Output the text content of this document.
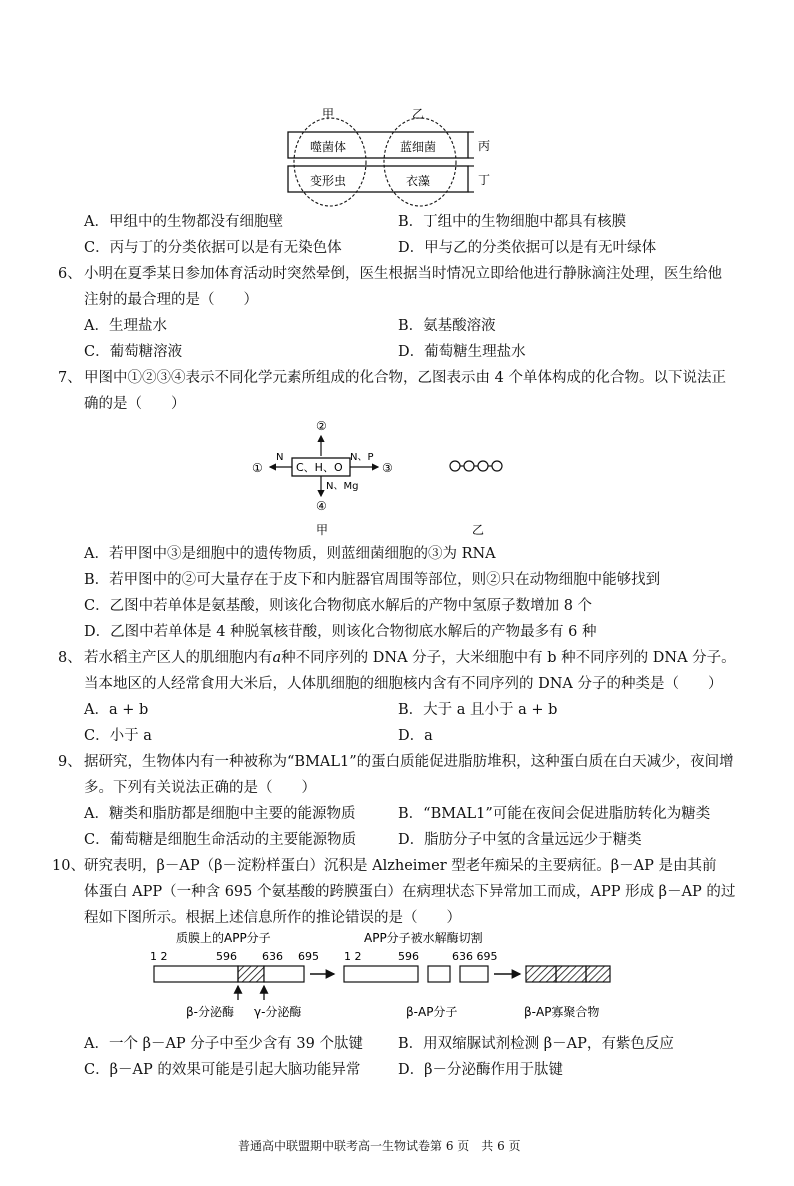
甲	乙
噬菌体	蓝细菌
变形虫	衣藻
丙
丁
A．甲组中的生物都没有细胞壁	B．丁组中的生物细胞中都具有核膜
C．丙与丁的分类依据可以是有无染色体	D．甲与乙的分类依据可以是有无叶绿体
6、 小明在夏季某日参加体育活动时突然晕倒，医生根据当时情况立即给他进行静脉滴注处理，医生给他
注射的最合理的是（　　）
A．生理盐水	B．氨基酸溶液
C．葡萄糖溶液	D．葡萄糖生理盐水
7、 甲图中①②③④表示不同化学元素所组成的化合物，乙图表示由 4 个单体构成的化合物。以下说法正
确的是（　　）
②
C、H、O
①
N
③
N、P
N、Mg
④
甲	乙
A．若甲图中③是细胞中的遗传物质，则蓝细菌细胞的③为 RNA
B．若甲图中的②可大量存在于皮下和内脏器官周围等部位，则②只在动物细胞中能够找到
C．乙图中若单体是氨基酸，则该化合物彻底水解后的产物中氢原子数增加 8 个
D．乙图中若单体是 4 种脱氧核苷酸，则该化合物彻底水解后的产物最多有 6 种
8、 若水稻主产区人的肌细胞内有a种不同序列的 DNA 分子，大米细胞中有 b 种不同序列的 DNA 分子。
当本地区的人经常食用大米后，人体肌细胞的细胞核内含有不同序列的 DNA 分子的种类是（　　）
A．a + b	B．大于 a 且小于 a + b
C．小于 a	D．a
9、 据研究，生物体内有一种被称为“BMAL1”的蛋白质能促进脂肪堆积，这种蛋白质在白天减少，夜间增
多。下列有关说法正确的是（　　）
A．糖类和脂肪都是细胞中主要的能源物质	B．“BMAL1”可能在夜间会促进脂肪转化为糖类
C．葡萄糖是细胞生命活动的主要能源物质	D．脂肪分子中氢的含量远远少于糖类
10、 研究表明，β－AP（β－淀粉样蛋白）沉积是 Alzheimer 型老年痴呆的主要病征。β－AP 是由其前
体蛋白 APP（一种含 695 个氨基酸的跨膜蛋白）在病理状态下异常加工而成，APP 形成 β－AP 的过
程如下图所示。根据上述信息所作的推论错误的是（　　）
质膜上的APP分子	APP分子被水解酶切割
1 2	596 636 695
β-分泌酶 γ-分泌酶
1 2	596	636 695
β-AP分子	β-AP寡聚合物
A．一个 β－AP 分子中至少含有 39 个肽键 B．用双缩脲试剂检测 β－AP，有紫色反应
C．β－AP 的效果可能是引起大脑功能异常	D．β－分泌酶作用于肽键
普通高中联盟期中联考高一生物试卷第 6 页　共 6 页
